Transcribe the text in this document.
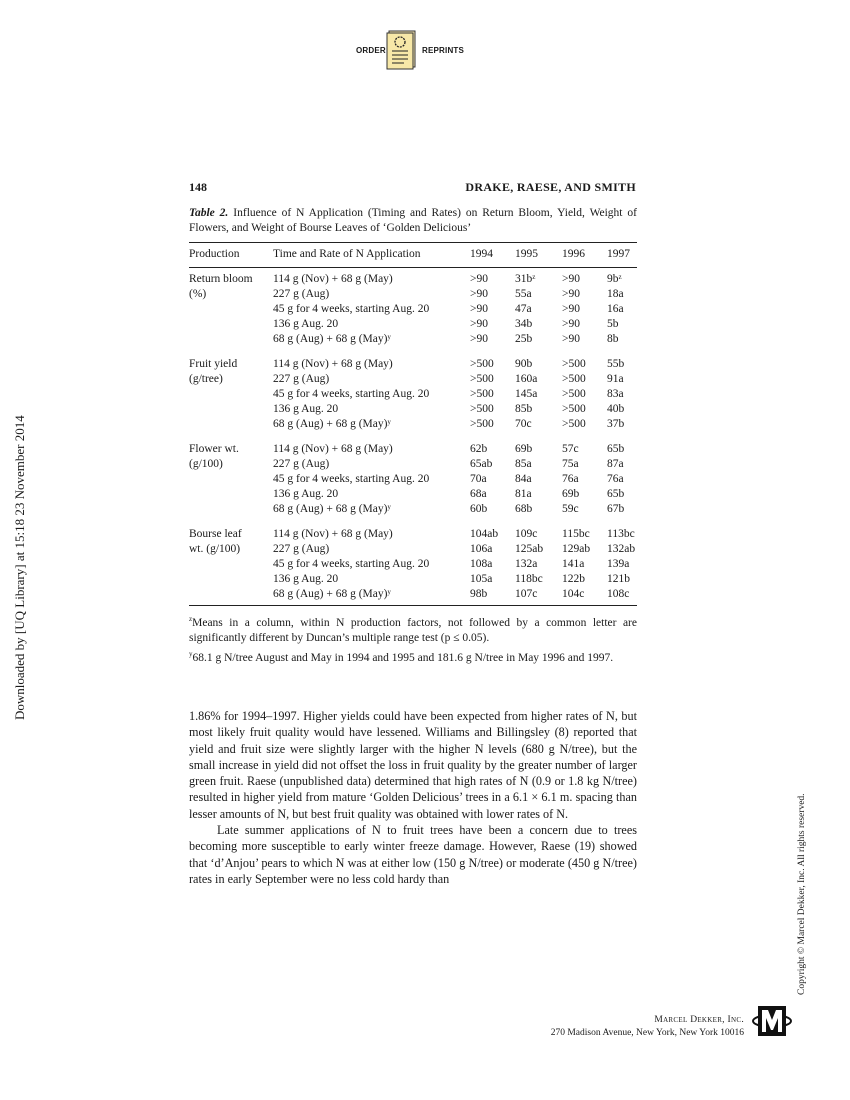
ORDER	REPRINTS
148	DRAKE, RAESE, AND SMITH
Table 2. Influence of N Application (Timing and Rates) on Return Bloom, Yield, Weight of Flowers, and Weight of Bourse Leaves of ‘Golden Delicious’
Production	Time and Rate of N Application	1994 1995 1996 1997
Return bloom
(%)
114 g (Nov) + 68 g (May)	>90 31bᶻ >90 9bᶻ
227 g (Aug)	>90 55a	>90 18a
45 g for 4 weeks, starting Aug. 20	>90 47a	>90 16a
136 g Aug. 20	>90 34b	>90 5b
68 g (Aug) + 68 g (May)ʸ	>90 25b	>90 8b
Fruit yield
(g/tree)
114 g (Nov) + 68 g (May)	>500 90b	>500 55b
227 g (Aug)	>500 160a >500 91a
45 g for 4 weeks, starting Aug. 20	>500 145a >500 83a
136 g Aug. 20	>500 85b	>500 40b
68 g (Aug) + 68 g (May)ʸ	>500 70c	>500 37b
Flower wt.
(g/100)
114 g (Nov) + 68 g (May)	62b 69b	57c 65b
227 g (Aug)	65ab 85a	75a 87a
45 g for 4 weeks, starting Aug. 20	70a 84a	76a 76a
136 g Aug. 20	68a 81a	69b 65b
68 g (Aug) + 68 g (May)ʸ	60b 68b	59c 67b
Bourse leaf
wt. (g/100)
114 g (Nov) + 68 g (May)	104ab 109c 115bc 113bc
227 g (Aug)	106a 125ab 129ab 132ab
45 g for 4 weeks, starting Aug. 20	108a 132a 141a 139a
136 g Aug. 20	105a 118bc 122b 121b
68 g (Aug) + 68 g (May)ʸ	98b 107c 104c 108c

$^z$Means in a column, within N production factors, not followed by a common letter are significantly different by Duncan’s multiple range test (p ≤ 0.05).

$^y$68.1 g N/tree August and May in 1994 and 1995 and 181.6 g N/tree in May 1996 and 1997.

1.86% for 1994–1997. Higher yields could have been expected from higher rates of N, but most likely fruit quality would have lessened. Williams and Billingsley (8) reported that yield and fruit size were slightly larger with the higher N levels (680 g N/tree), but the small increase in yield did not offset the loss in fruit quality by the greater number of larger green fruit. Raese (unpublished data) determined that high rates of N (0.9 or 1.8 kg N/tree) resulted in higher yield from mature ‘Golden Delicious’ trees in a 6.1 × 6.1 m. spacing than lesser amounts of N, but best fruit quality was obtained with lower rates of N.

Late summer applications of N to fruit trees have been a concern due to trees becoming more susceptible to early winter freeze damage. However, Raese (19) showed that ‘d’Anjou’ pears to which N was at either low (150 g N/tree) or moderate (450 g N/tree) rates in early September were no less cold hardy than

Downloaded by [UQ Library] at 15:18 23 November 2014
Copyright © Marcel Dekker, Inc. All rights reserved.
Marcel Dekker, Inc.
270 Madison Avenue, New York, New York 10016
